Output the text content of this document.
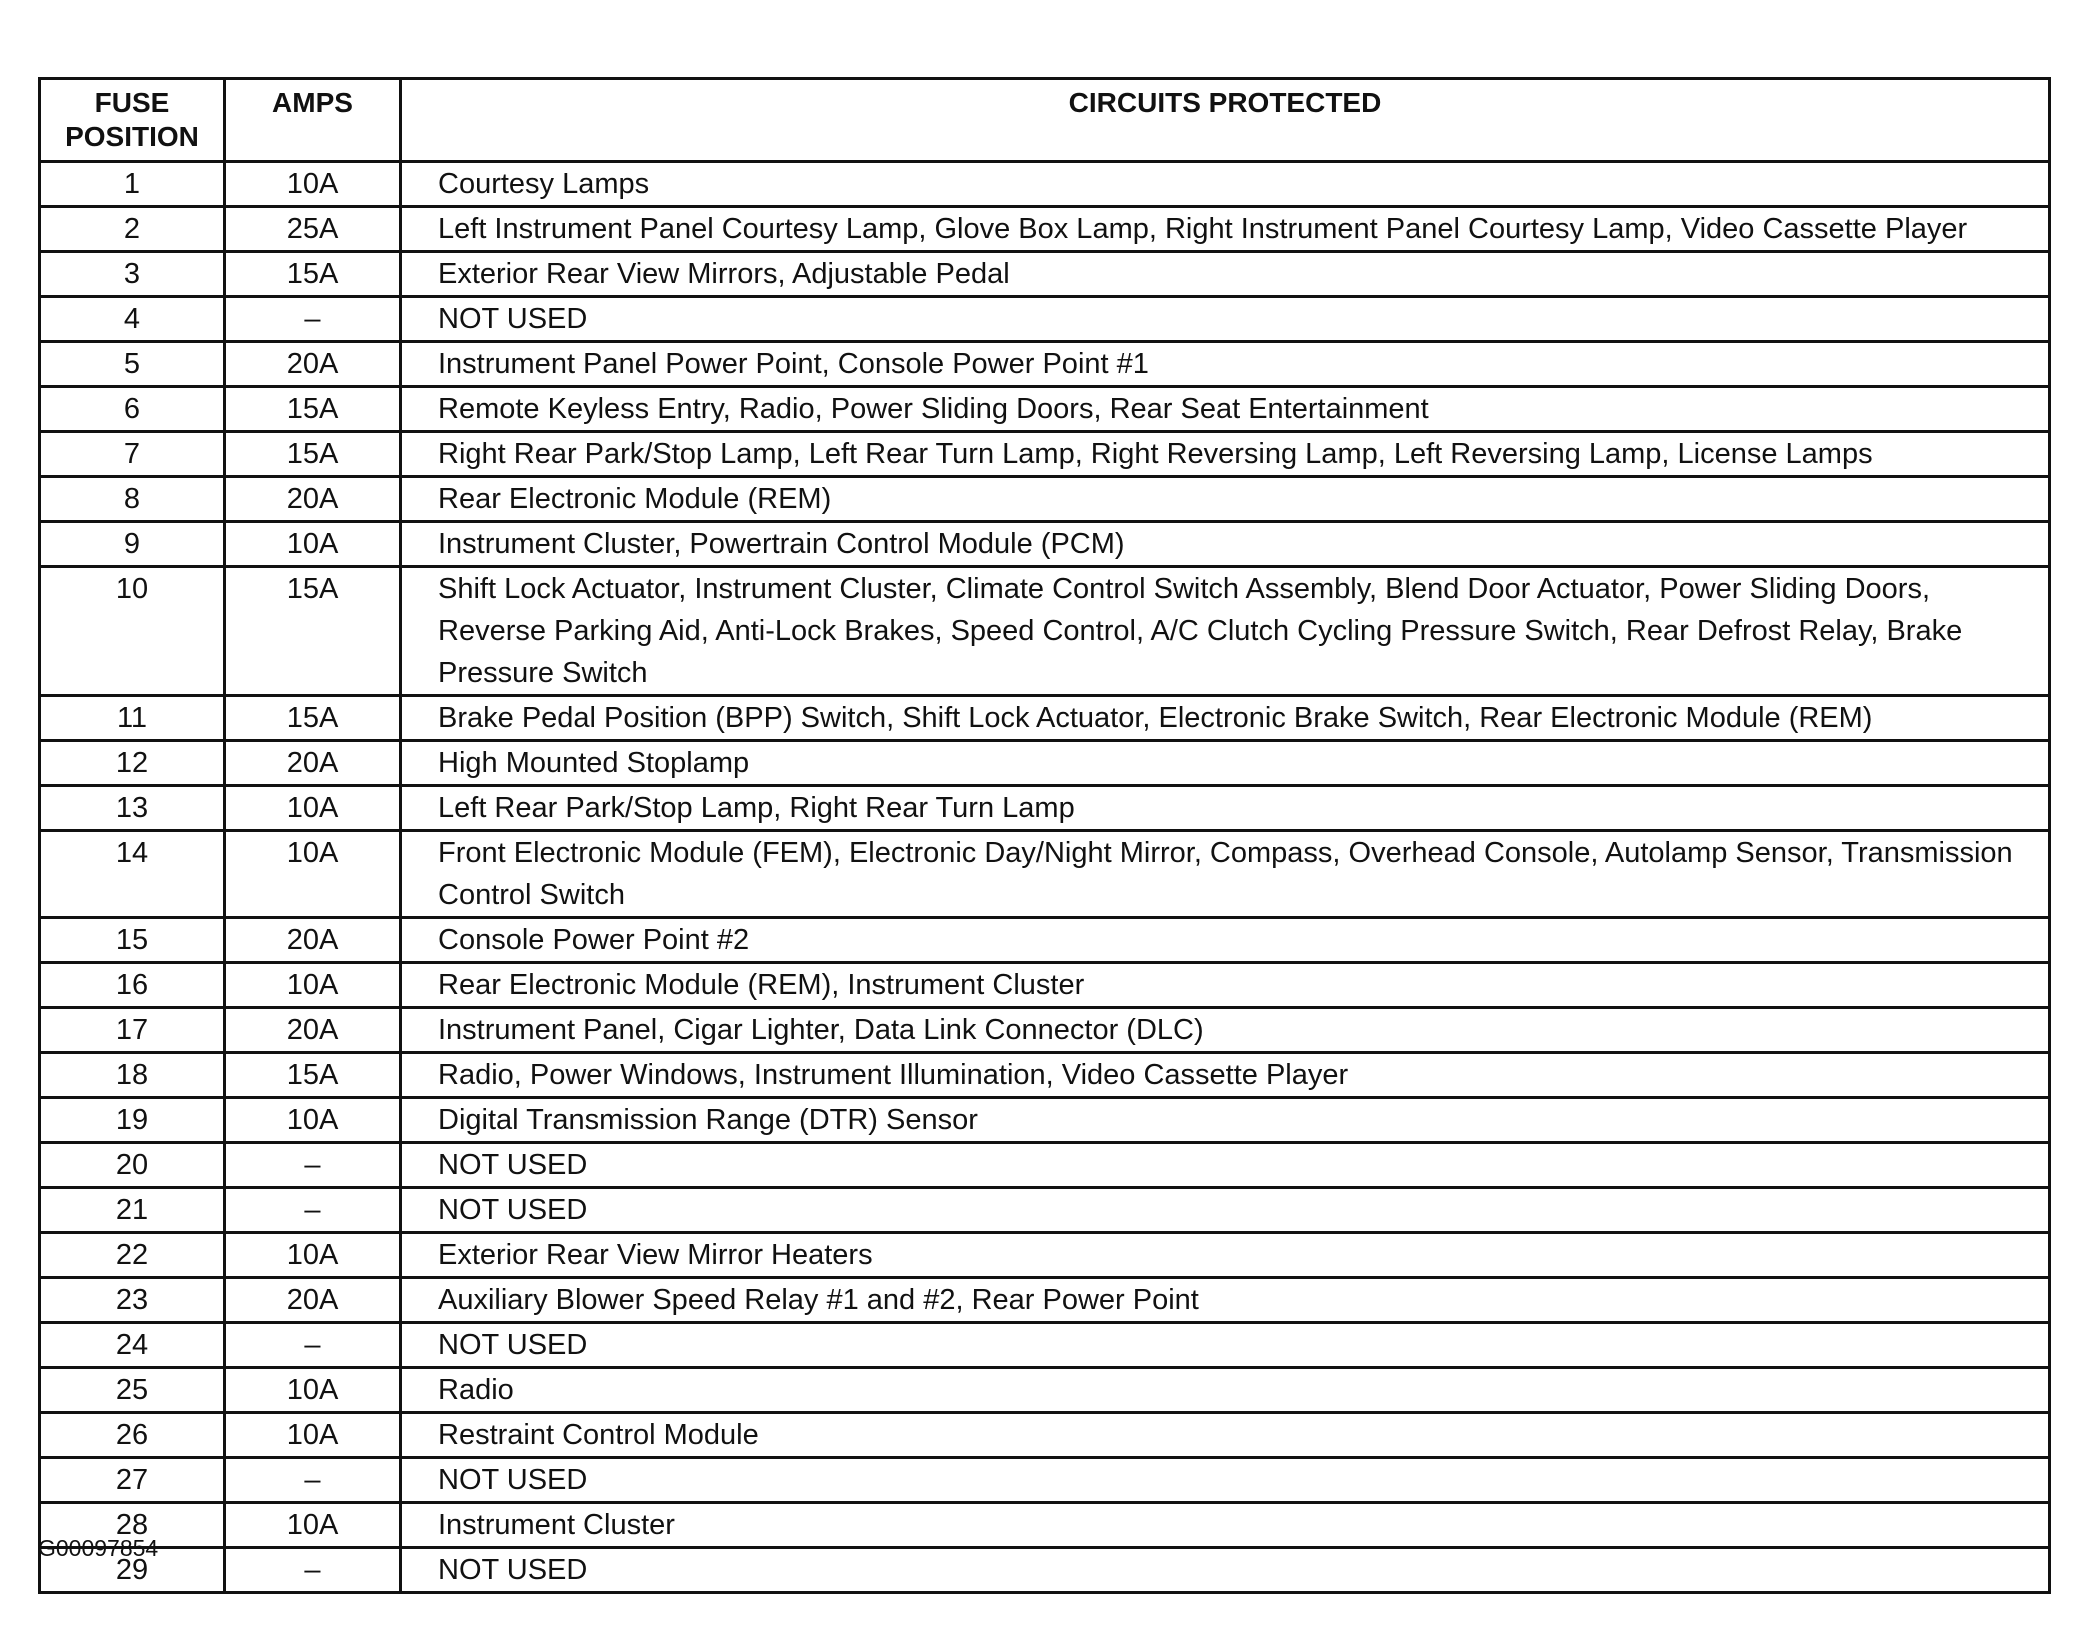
FUSE POSITION	AMPS	CIRCUITS PROTECTED
1	10A	Courtesy Lamps
2	25A	Left Instrument Panel Courtesy Lamp, Glove Box Lamp, Right Instrument Panel Courtesy Lamp, Video Cassette Player
3	15A	Exterior Rear View Mirrors, Adjustable Pedal
4	–	NOT USED
5	20A	Instrument Panel Power Point, Console Power Point #1
6	15A	Remote Keyless Entry, Radio, Power Sliding Doors, Rear Seat Entertainment
7	15A	Right Rear Park/Stop Lamp, Left Rear Turn Lamp, Right Reversing Lamp, Left Reversing Lamp, License Lamps
8	20A	Rear Electronic Module (REM)
9	10A	Instrument Cluster, Powertrain Control Module (PCM)
10	15A	Shift Lock Actuator, Instrument Cluster, Climate Control Switch Assembly, Blend Door Actuator, Power Sliding Doors, Reverse Parking Aid, Anti-Lock Brakes, Speed Control, A/C Clutch Cycling Pressure Switch, Rear Defrost Relay, Brake Pressure Switch
11	15A	Brake Pedal Position (BPP) Switch, Shift Lock Actuator, Electronic Brake Switch, Rear Electronic Module (REM)
12	20A	High Mounted Stoplamp
13	10A	Left Rear Park/Stop Lamp, Right Rear Turn Lamp
14	10A	Front Electronic Module (FEM), Electronic Day/Night Mirror, Compass, Overhead Console, Autolamp Sensor, Transmission Control Switch
15	20A	Console Power Point #2
16	10A	Rear Electronic Module (REM), Instrument Cluster
17	20A	Instrument Panel, Cigar Lighter, Data Link Connector (DLC)
18	15A	Radio, Power Windows, Instrument Illumination, Video Cassette Player
19	10A	Digital Transmission Range (DTR) Sensor
20	–	NOT USED
21	–	NOT USED
22	10A	Exterior Rear View Mirror Heaters
23	20A	Auxiliary Blower Speed Relay #1 and #2, Rear Power Point
24	–	NOT USED
25	10A	Radio
26	10A	Restraint Control Module
27	–	NOT USED
28	10A	Instrument Cluster
29	–	NOT USED
G00097854
